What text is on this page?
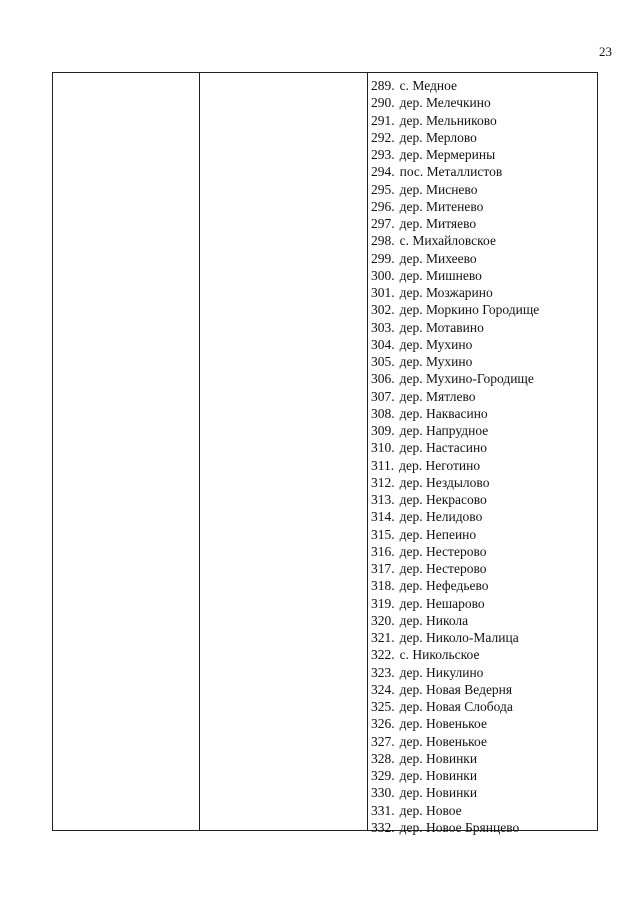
23
289. с. Медное
290. дер. Мелечкино
291. дер. Мельниково
292. дер. Мерлово
293. дер. Мермерины
294. пос. Металлистов
295. дер. Миснево
296. дер. Митенево
297. дер. Митяево
298. с. Михайловское
299. дер. Михеево
300. дер. Мишнево
301. дер. Мозжарино
302. дер. Моркино Городище
303. дер. Мотавино
304. дер. Мухино
305. дер. Мухино
306. дер. Мухино-Городище
307. дер. Мятлево
308. дер. Наквасино
309. дер. Напрудное
310. дер. Настасино
311. дер. Неготино
312. дер. Нездылово
313. дер. Некрасово
314. дер. Нелидово
315. дер. Непеино
316. дер. Нестерово
317. дер. Нестерово
318. дер. Нефедьево
319. дер. Нешарово
320. дер. Никола
321. дер. Николо-Малица
322. с. Никольское
323. дер. Никулино
324. дер. Новая Ведерня
325. дер. Новая Слобода
326. дер. Новенькое
327. дер. Новенькое
328. дер. Новинки
329. дер. Новинки
330. дер. Новинки
331. дер. Новое
332. дер. Новое Брянцево
